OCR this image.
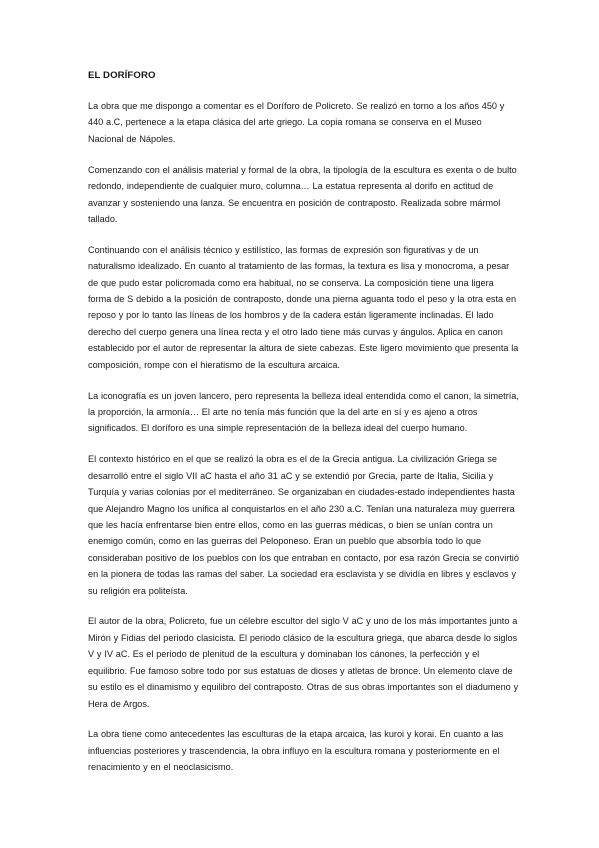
EL DORÍFORO

La obra que me dispongo a comentar es el Doríforo de Policreto. Se realizó en torno a los años 450 y 440 a.C, pertenece a la etapa clásica del arte griego. La copia romana se conserva en el Museo Nacional de Nápoles.

Comenzando con el análisis material y formal de la obra, la tipología de la escultura es exenta o de bulto redondo, independiente de cualquier muro, columna… La estatua representa al dorifo en actitud de avanzar y sosteniendo una lanza. Se encuentra en posición de contraposto. Realizada sobre mármol tallado.

Continuando con el análisis técnico y estilístico, las formas de expresión son figurativas y de un naturalismo idealizado. En cuanto al tratamiento de las formas, la textura es lisa y monocroma, a pesar de que pudo estar policromada como era habitual, no se conserva. La composición tiene una ligera forma de S debido a la posición de contraposto, donde una pierna aguanta todo el peso y la otra esta en reposo y por lo tanto las líneas de los hombros y de la cadera están ligeramente inclinadas. El lado derecho del cuerpo genera una línea recta y el otro lado tiene más curvas y ángulos. Aplica en canon establecido por el autor de representar la altura de siete cabezas. Este ligero movimiento que presenta la composición, rompe con el hieratismo de la escultura arcaica.

La iconografía es un joven lancero, pero representa la belleza ideal entendida como el canon, la simetría, la proporción, la armonía… El arte no tenía más función que la del arte en sí y es ajeno a otros significados. El doríforo es una simple representación de la belleza ideal del cuerpo humano.

El contexto histórico en el que se realizó la obra es el de la Grecia antigua. La civilización Griega se desarrolló entre el siglo VII aC hasta el año 31 aC y se extendió por Grecia, parte de Italia, Sicilia y Turquía y varias colonias por el mediterráneo. Se organizaban en ciudades-estado independientes hasta que Alejandro Magno los unifica al conquistarlos en el año 230 a.C. Tenían una naturaleza muy guerrera que les hacía enfrentarse bien entre ellos, como en las guerras médicas, o bien se unían contra un enemigo común, como en las guerras del Peloponeso. Eran un pueblo que absorbía todo lo que consideraban positivo de los pueblos con los que entraban en contacto, por esa razón Grecia se convirtió en la pionera de todas las ramas del saber. La sociedad era esclavista y se dividía en libres y esclavos y su religión era politeísta.

El autor de la obra, Policreto, fue un célebre escultor del siglo V aC y uno de los más importantes junto a Mirón y Fidias del periodo clasicista. El periodo clásico de la escultura griega, que abarca desde lo siglos V y IV aC. Es el periodo de plenitud de la escultura y dominaban los cánones, la perfección y el equilibrio. Fue famoso sobre todo por sus estatuas de dioses y atletas de bronce. Un elemento clave de su estilo es el dinamismo y equilibro del contraposto. Otras de sus obras importantes son el diadumeno y Hera de Argos.

La obra tiene como antecedentes las esculturas de la etapa arcaica, las kuroi y korai. En cuanto a las influencias posteriores y trascendencia, la obra influyo en la escultura romana y posteriormente en el renacimiento y en el neoclasicismo.
